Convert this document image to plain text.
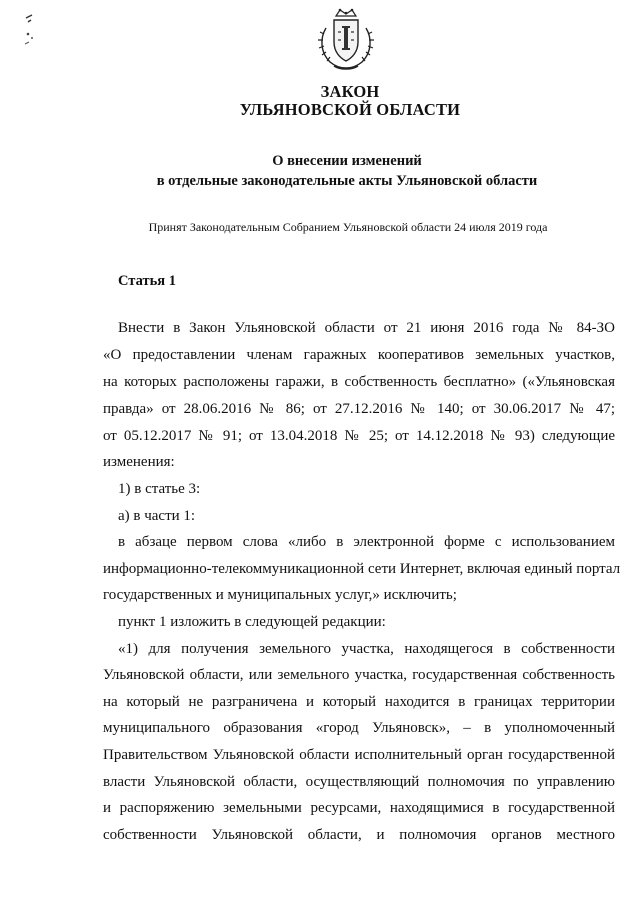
ЗАКОН
УЛЬЯНОВСКОЙ ОБЛАСТИ
О внесении изменений
в отдельные законодательные акты Ульяновской области
Принят Законодательным Собранием Ульяновской области 24 июля 2019 года
Статья 1
Внести в Закон Ульяновской области от 21 июня 2016 года № 84-ЗО
«О предоставлении членам гаражных кооперативов земельных участков,
на которых расположены гаражи, в собственность бесплатно» («Ульяновская
правда» от 28.06.2016 № 86; от 27.12.2016 № 140; от 30.06.2017 № 47;
от 05.12.2017 № 91; от 13.04.2018 № 25; от 14.12.2018 № 93) следующие
изменения:
1) в статье 3:
а) в части 1:
в абзаце первом слова «либо в электронной форме с использованием
информационно-телекоммуникационной сети Интернет, включая единый портал
государственных и муниципальных услуг,» исключить;
пункт 1 изложить в следующей редакции:
«1) для получения земельного участка, находящегося в собственности
Ульяновской области, или земельного участка, государственная собственность
на который не разграничена и который находится в границах территории
муниципального образования «город Ульяновск», – в уполномоченный
Правительством Ульяновской области исполнительный орган государственной
власти Ульяновской области, осуществляющий полномочия по управлению
и распоряжению земельными ресурсами, находящимися в государственной
собственности Ульяновской области, и полномочия органов местного
